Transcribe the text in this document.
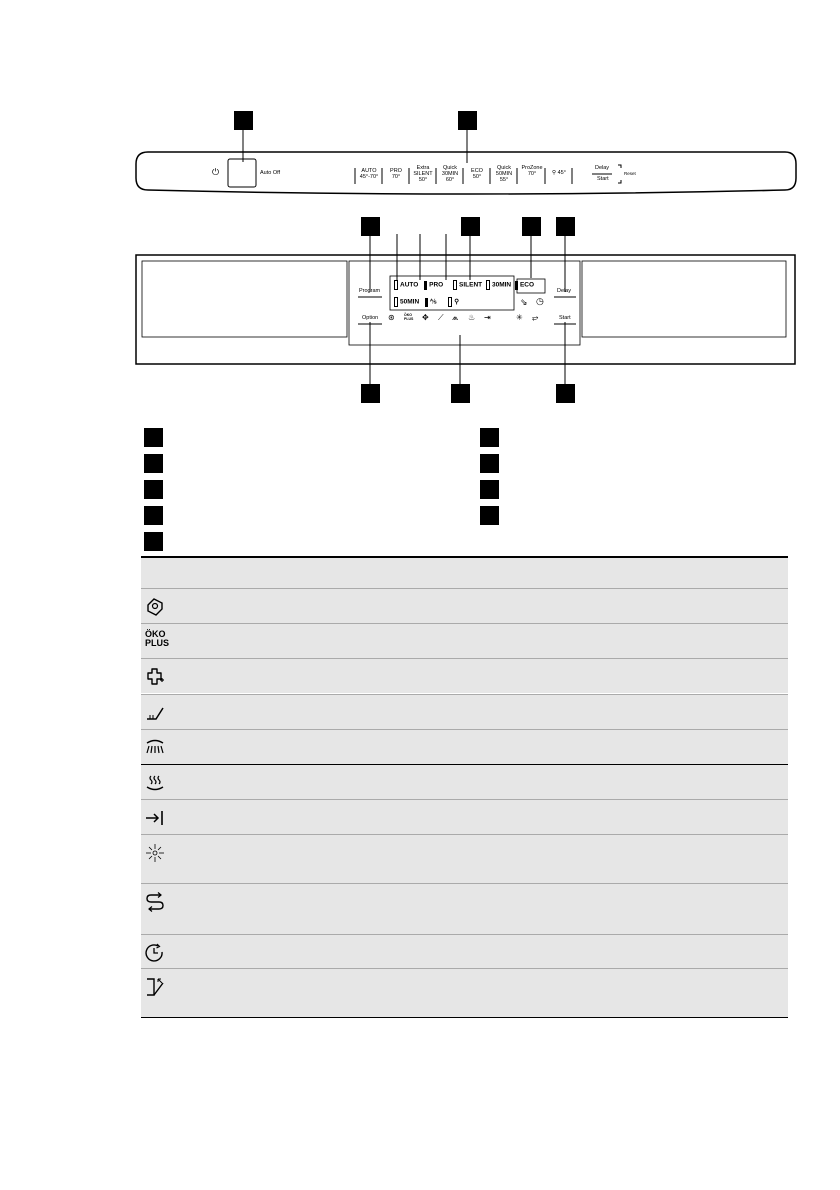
⏻	Auto Off	AUTO
45°-70°
PRO
70°
Extra
SILENT
50°
Quick
30MIN
60°
ECO
50°
Quick
50MIN
55°
ProZone
70°	⚲ 45°
Delay
Start
Reset
Program
Option
Delay
Start
AUTO PRO SILENT 30MIN ECO
50MIN ⅍	⚲	⇘ ◷
⊛	ÖKO
PLUS ✥ ⟋ ⩕ ♨ ⇥	✳ ⥂
ÖKO
PLUS
